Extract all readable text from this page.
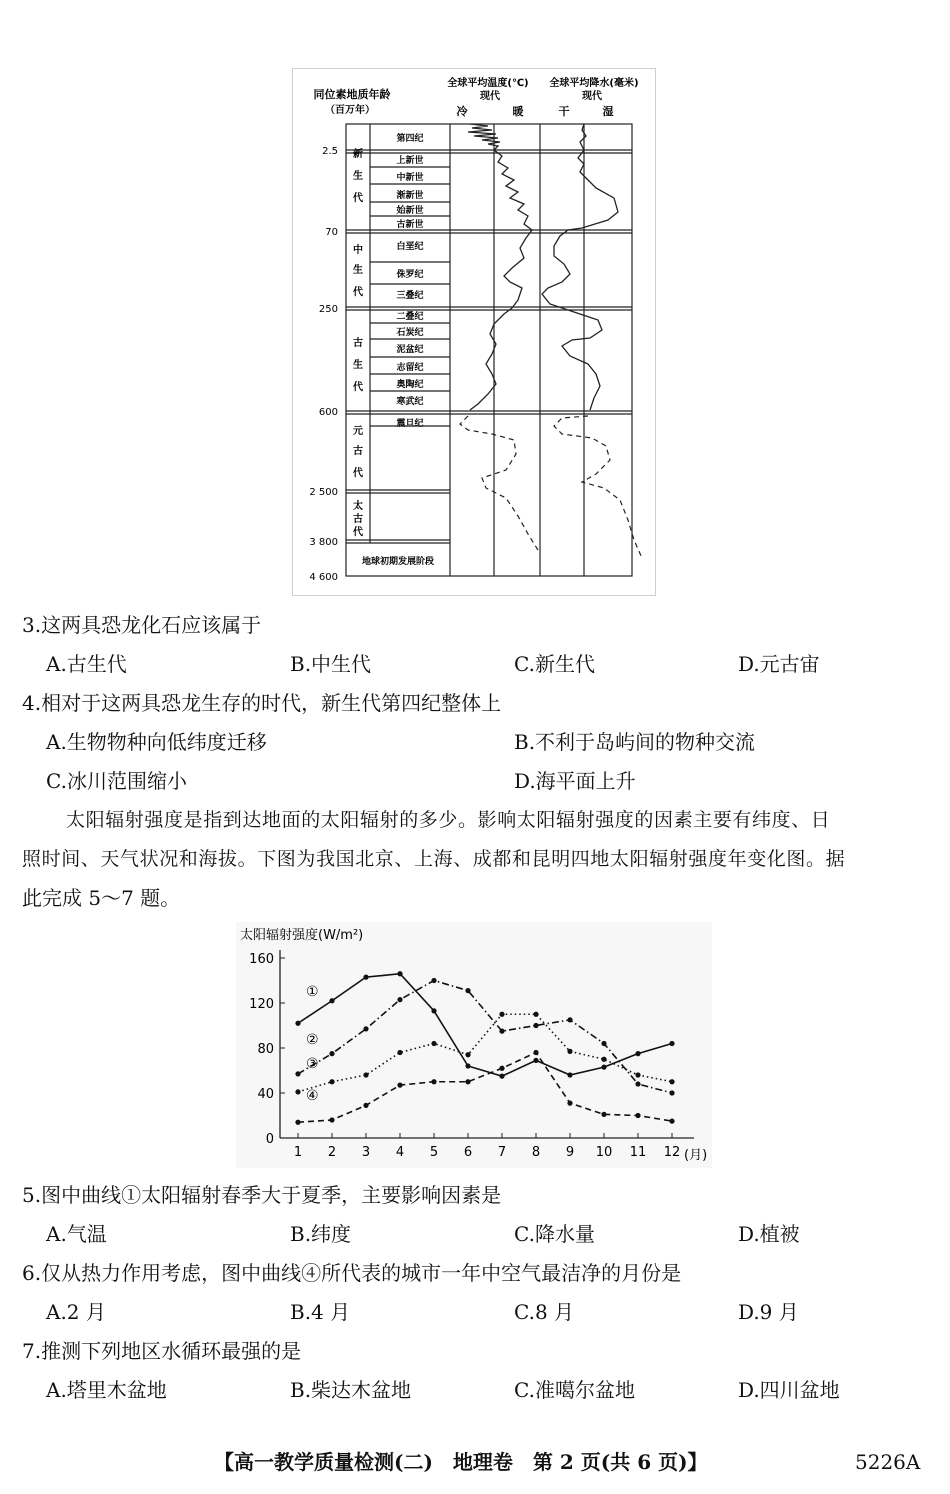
同位素地质年龄
（百万年）
全球平均温度(℃)
现代
冷	暖
全球平均降水(毫米)
现代
干	湿
2.5
70
250
600
2 500
3 800
4 600
新
生
代
中
生
代
古
生
代
元
古
代
太
古
代
第四纪
上新世
中新世
渐新世
始新世
古新世
白垩纪
侏罗纪
三叠纪
二叠纪
石炭纪
泥盆纪
志留纪
奥陶纪
寒武纪
震旦纪
地球初期发展阶段
3.这两具恐龙化石应该属于
A.古生代	B.中生代	C.新生代	D.元古宙
4.相对于这两具恐龙生存的时代，新生代第四纪整体上
A.生物物种向低纬度迁移	B.不利于岛屿间的物种交流
C.冰川范围缩小	D.海平面上升
太阳辐射强度是指到达地面的太阳辐射的多少。影响太阳辐射强度的因素主要有纬度、日
照时间、天气状况和海拔。下图为我国北京、上海、成都和昆明四地太阳辐射强度年变化图。据
此完成 5～7 题。
太阳辐射强度(W/m²)
(月)
0
40
80
120
160
1 2 3 4 5 6 7 8 9 10 11 12
①
②
③
④
5.图中曲线①太阳辐射春季大于夏季，主要影响因素是
A.气温	B.纬度	C.降水量	D.植被
6.仅从热力作用考虑，图中曲线④所代表的城市一年中空气最洁净的月份是
A.2 月	B.4 月	C.8 月	D.9 月
7.推测下列地区水循环最强的是
A.塔里木盆地	B.柴达木盆地	C.准噶尔盆地	D.四川盆地
【高一教学质量检测(二)　地理卷　第 2 页(共 6 页)】	5226A
